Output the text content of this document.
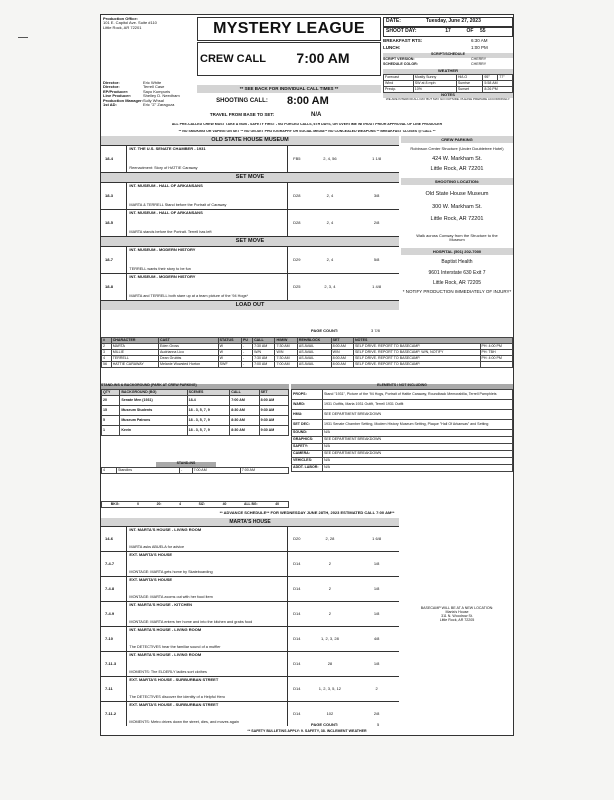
Production Office:
101 E. Capitol Ave. Suite #110
Little Rock, AR 72201	MYSTERY LEAGUE
CREW CALL	7:00 AM
DATE:	Tuesday, June 27, 2023
SHOOT DAY:	17	OF	55
BREAKFAST RTS:	6:30 AM
LUNCH:	1:00 PM
SCRIPT/SCHEDULE
SCRIPT VERSION:	CHERRY
SCHEDULE COLOR:	CHERRY
WEATHER
Forecast	Mostly Sunny	HI/LO	95°	77°
Wind	SW at 8 mph	Sunrise	5:58 AM	
Precip.	10%	Sunset	8:26 PM	
NOTES
WE ARE INTERIOR ALL DAY BUT MAY GO OUTSIDE. PLEASE PREPARE ACCORDINGLY.
Director:	Eric White
Director:	Terrell Case
EP/Producer:	Sayo Kumpuris
Line Producer:	Shelley D. Needham
Production Manager: Sully Whsal
1st AD:	Eric "Z" Zaragoza
** SEE BACK FOR INDIVIDUAL CALL TIMES **
SHOOTING CALL:	8:00 AM
TRAVEL FROM BASE TO SET:	N/A
ALL PRE-CALLED CREW MUST TAKE A NOB - SAFETY FIRST - NO FORCED CALLS, 6TH DAYS, OR OVERTIME WITHOUT PRIOR APPROVAL OF LINE PRODUCER
** NO SMOKING OR VAPING ON SET ** NO ON-SET PHOTOGRAPHY OR SOCIAL MEDIA** NO CONCEALED WEAPONS ** BREAKFAST CLOSES @ CALL **
OLD STATE HOUSE MUSEUM
18-4
INT. THE U.S. SENATE CHAMBER - 1931
Reenactment: Story of HATTIE Caraway
FB5	2, 4, 56	1 1/8
SET MOVE
18-3
INT. MUSEUM - HALL OF ARKANSANS
MARTA & TERRELL Stand before the Portrait of Caraway
D28	2, 4	3/8
18-5
INT. MUSEUM - HALL OF ARKANSANS
MARTA stands before the Portrait. Terrell has left
D28	2, 4	2/8
SET MOVE
18-7
INT. MUSEUM - MODERN HISTORY
TERRELL wants their story to be fun
D29	2, 4	5/8
18-8
INT. MUSEUM - MODERN HISTORY
MARTA and TERRELL both stare up at a team picture of the '94 Hogs*
D25	2, 3, 4	1 4/8
LOAD OUT
PAGE COUNT:	3 7/8
CREW PARKING
Robinson Center Structure (Under Doubletree Hotel)
424 W. Markham St.
Little Rock, AR 72201
SHOOTING LOCATION:
Old State House Museum
300 W. Markham St.
Little Rock, AR 72201
Walk across Conway from the Structure to the Museum
HOSPITAL (501) 202-7000
Baptist Health
9601 Interstate 630 Exit 7
Little Rock, AR 72205
* NOTIFY PRODUCTION IMMEDIATELY OF INJURY*
#	CHARACTER	CAST	STATUS	PU	CALL	H/M/W	REH/BLOCK	SET	NOTES	
2	MARTA	Eden Gross	W	-	7:30 AM	7:30 AM	AS AVAIL	8:00 AM	SELF DRIVE. REPORT TO BASECAMP.	PH: 4:00 PM
3	MILLIE	Audrianna Lico	W	-	W/N	W/N	AS AVAIL	W/N	SELF DRIVE. REPORT TO BASECAMP. W/N, NOTIFY	PH: TBH
4	TERRELL	Dean Grubbs	W	-	7:30 AM	7:30 AM	AS AVAIL	8:00 AM	SELF DRIVE. REPORT TO BASECAMP.	PH: 4:00 PM
56	HATTIE CARAWAY	Melanie Wowsted Horton	SWF	-	7:00 AM	7:00 AM	AS AVAIL	8:00 AM	SELF DRIVE. REPORT TO BASECAMP.	
STAND-INS & BACKGROUND (PARK AT CREW PARKING)
QTY	BACKGROUND (BG)	SCENES	CALL	SET
20	Senate Men (1931)	18-4	7:00 AM	8:00 AM
15	Museum Students	18 - 3, 5, 7, 9	8:30 AM	9:30 AM
5	Museum Patrons	18 - 3, 5, 7, 9	8:30 AM	9:30 AM
1	Kevin	18 - 3, 5, 7, 9	8:30 AM	9:30 AM
STAND-INS
4	Standins	-	7:00 AM	7:00 AM
BKG:	0	20:	4	SIZ:	40	ALL BG:	40
ELEMENTS / NOT INCLUDING
PROPS:	Stand "1931", Picture of the '94 Hogs, Portrait of Hattie Caraway, Roundback Memorabilia, Terrell Pamphlets
WARD:	1931 Outfits, Marta 1931 Outfit, Terrell 1931 Outfit
HMU:	SEE DEPARTMENT BREAKDOWN
SET DEC:	1931 Senate Chamber Setting, Modern History Museum Setting, Plaque "Hall Of Arkansas" and Setting
SOUND:	N/A
GRAPHICS:	SEE DEPARTMENT BREAKDOWN
SAFETY:	N/A
CAMERA:	SEE DEPARTMENT BREAKDOWN
VEHICLES:	N/A
ADDT. LABOR:	N/A
** ADVANCE SCHEDULE** FOR WEDNESDAY JUNE 28TH, 2023 ESTIMATED CALL 7:00 AM**
MARTA'S HOUSE
14-6
INT. MARTA'S HOUSE - LIVING ROOM
MARTA asks ABUELA for advice
D20	2, 28	1 6/8
7-4.7
EXT. MARTA'S HOUSE
MONTAGE: MARTA gets home by Skateboarding
D14	2	1/8
7-4.8
EXT. MARTA'S HOUSE
MONTAGE: MARTA zooms out with her food item
D14	2	1/8
7-4.9
INT. MARTA'S HOUSE - KITCHEN
MONTAGE: MARTA enters her home and into the kitchen and grabs food
D14	2	1/8
7-10
INT. MARTA'S HOUSE - LIVING ROOM
The DETECTIVES hear the familiar sound of a muffler
D14	1, 2, 3, 28	4/8
7-11.3
INT. MARTA'S HOUSE - LIVING ROOM
MOMENTS: The ELDERLY ladies sort clothes
D14	28	1/8
7-11
EXT. MARTA'S HOUSE - SURBURBAN STREET
The DETECTIVES discover the identity of a Helpful Hero
D14	1, 2, 3, 5, 12	2
7-11.2
EXT. MARTA'S HOUSE - SURBURBAN STREET
MOMENTS: Metro drives down the street, dies, and moves again
D14	102	2/8
BASECAMP WILL BE AT A NEW LOCATION:
Marta's House
311 N. Woodrow St.
Little Rock, AR 72205
PAGE COUNT:	5
** SAFETY BULLETINS APPLY: 9. SAFETY, 38. INCLEMENT WEATHER
